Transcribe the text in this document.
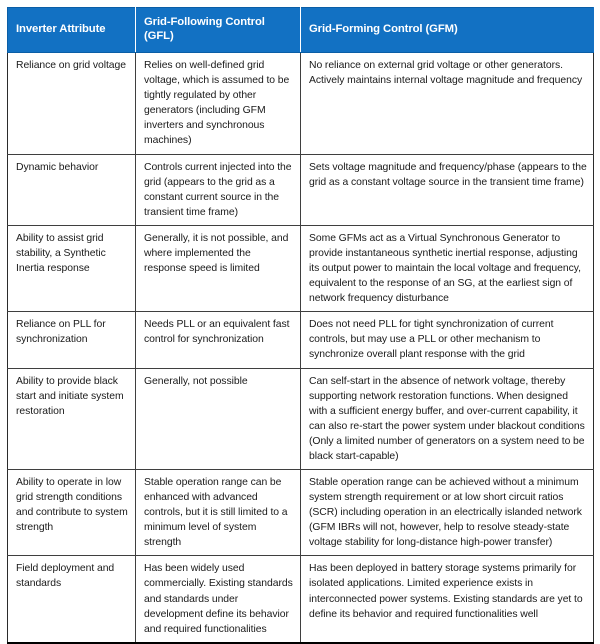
Inverter Attribute	Grid-Following Control (GFL)	Grid-Forming Control (GFM)
Reliance on grid voltage	Relies on well-defined grid voltage, which is assumed to be tightly regulated by other generators (including GFM inverters and synchronous machines)	No reliance on external grid voltage or other generators. Actively maintains internal voltage magnitude and frequency
Dynamic behavior	Controls current injected into the grid (appears to the grid as a constant current source in the transient time frame)	Sets voltage magnitude and frequency/phase (appears to the grid as a constant voltage source in the transient time frame)
Ability to assist grid stability, a Synthetic Inertia response	Generally, it is not possible, and where implemented the response speed is limited	Some GFMs act as a Virtual Synchronous Generator to provide instantaneous synthetic inertial response, adjusting its output power to maintain the local voltage and frequency, equivalent to the response of an SG, at the earliest sign of network frequency disturbance
Reliance on PLL for synchronization	Needs PLL or an equivalent fast control for synchronization	Does not need PLL for tight synchronization of current controls, but may use a PLL or other mechanism to synchronize overall plant response with the grid
Ability to provide black start and initiate system restoration	Generally, not possible	Can self-start in the absence of network voltage, thereby supporting network restoration functions. When designed with a sufficient energy buffer, and over-current capability, it can also re-start the power system under blackout conditions (Only a limited number of generators on a system need to be black start-capable)
Ability to operate in low grid strength conditions and contribute to system strength	Stable operation range can be enhanced with advanced controls, but it is still limited to a minimum level of system strength	Stable operation range can be achieved without a minimum system strength requirement or at low short circuit ratios (SCR) including operation in an electrically islanded network (GFM IBRs will not, however, help to resolve steady-state voltage stability for long-distance high-power transfer)
Field deployment and standards	Has been widely used commercially. Existing standards and standards under development define its behavior and required functionalities	Has been deployed in battery storage systems primarily for isolated applications. Limited experience exists in interconnected power systems. Existing standards are yet to define its behavior and required functionalities well
